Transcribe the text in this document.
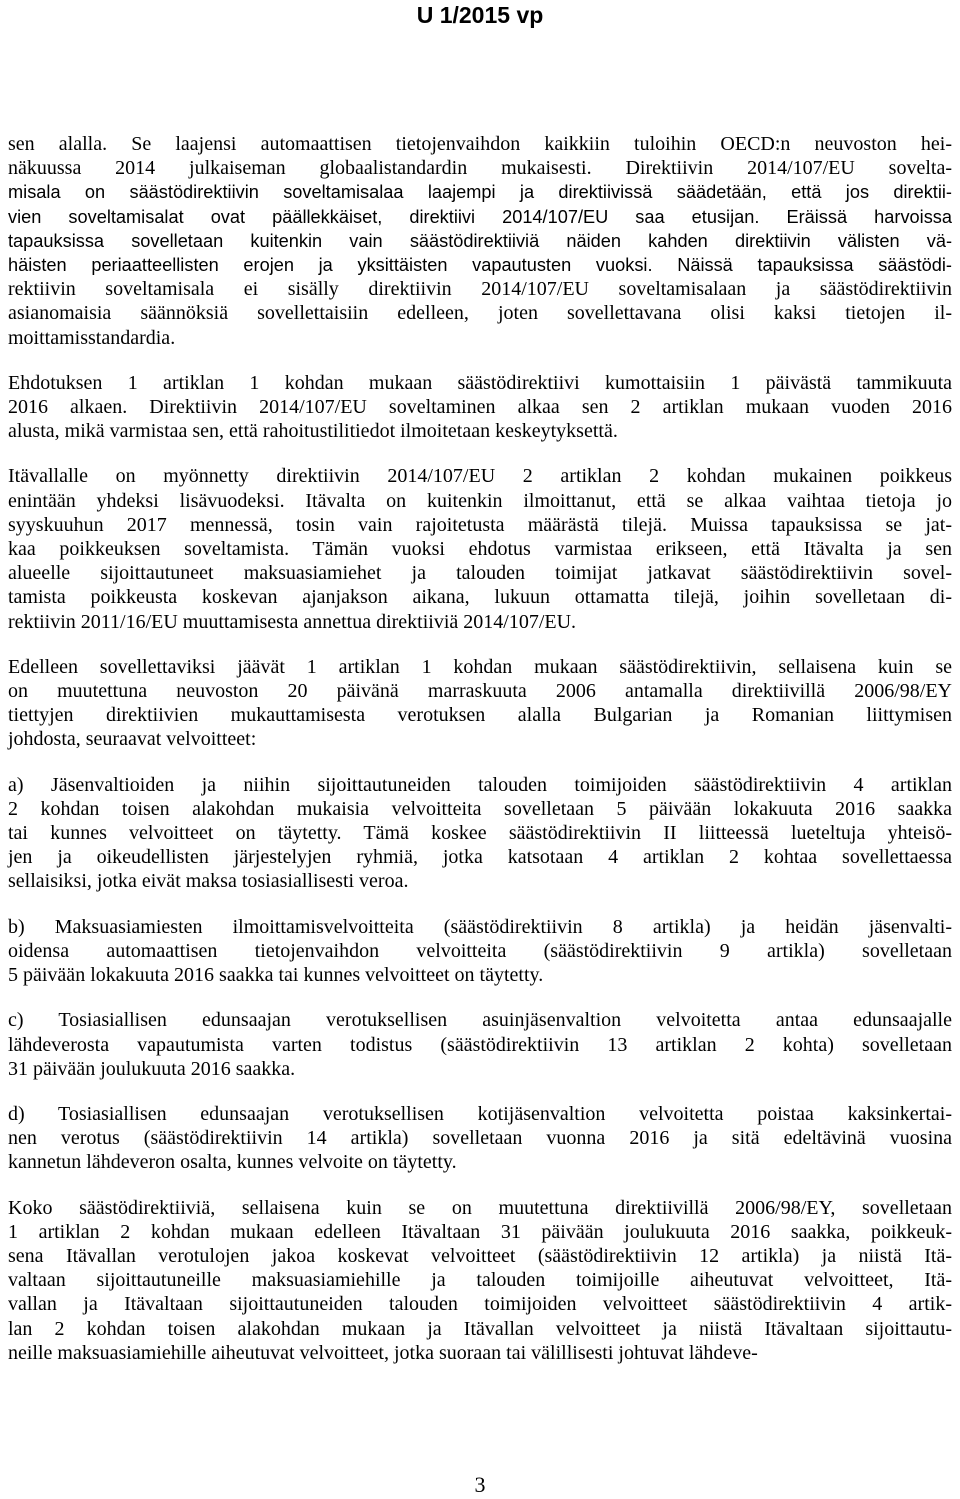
U 1/2015 vp

sen alalla. Se laajensi automaattisen tietojenvaihdon kaikkiin tuloihin OECD:n neuvoston hei-
näkuussa 2014 julkaiseman globaalistandardin mukaisesti. Direktiivin 2014/107/EU sovelta-
misala on säästödirektiivin soveltamisalaa laajempi ja direktiivissä säädetään, että jos direktii-
vien soveltamisalat ovat päällekkäiset, direktiivi 2014/107/EU saa etusijan. Eräissä harvoissa
tapauksissa sovelletaan kuitenkin vain säästödirektiiviä näiden kahden direktiivin välisten vä-
häisten periaatteellisten erojen ja yksittäisten vapautusten vuoksi. Näissä tapauksissa säästödi-
rektiivin soveltamisala ei sisälly direktiivin 2014/107/EU soveltamisalaan ja säästödirektiivin
asianomaisia säännöksiä sovellettaisiin edelleen, joten sovellettavana olisi kaksi tietojen il-
moittamisstandardia.

Ehdotuksen 1 artiklan 1 kohdan mukaan säästödirektiivi kumottaisiin 1 päivästä tammikuuta
2016 alkaen. Direktiivin 2014/107/EU soveltaminen alkaa sen 2 artiklan mukaan vuoden 2016
alusta, mikä varmistaa sen, että rahoitustilitiedot ilmoitetaan keskeytyksettä.

Itävallalle on myönnetty direktiivin 2014/107/EU 2 artiklan 2 kohdan mukainen poikkeus
enintään yhdeksi lisävuodeksi. Itävalta on kuitenkin ilmoittanut, että se alkaa vaihtaa tietoja jo
syyskuuhun 2017 mennessä, tosin vain rajoitetusta määrästä tilejä. Muissa tapauksissa se jat-
kaa poikkeuksen soveltamista. Tämän vuoksi ehdotus varmistaa erikseen, että Itävalta ja sen
alueelle sijoittautuneet maksuasiamiehet ja talouden toimijat jatkavat säästödirektiivin sovel-
tamista poikkeusta koskevan ajanjakson aikana, lukuun ottamatta tilejä, joihin sovelletaan di-
rektiivin 2011/16/EU muuttamisesta annettua direktiiviä 2014/107/EU.

Edelleen sovellettaviksi jäävät 1 artiklan 1 kohdan mukaan säästödirektiivin, sellaisena kuin se
on muutettuna neuvoston 20 päivänä marraskuuta 2006 antamalla direktiivillä 2006/98/EY
tiettyjen direktiivien mukauttamisesta verotuksen alalla Bulgarian ja Romanian liittymisen
johdosta, seuraavat velvoitteet:

a) Jäsenvaltioiden ja niihin sijoittautuneiden talouden toimijoiden säästödirektiivin 4 artiklan
2 kohdan toisen alakohdan mukaisia velvoitteita sovelletaan 5 päivään lokakuuta 2016 saakka
tai kunnes velvoitteet on täytetty. Tämä koskee säästödirektiivin II liitteessä lueteltuja yhteisö-
jen ja oikeudellisten järjestelyjen ryhmiä, jotka katsotaan 4 artiklan 2 kohtaa sovellettaessa
sellaisiksi, jotka eivät maksa tosiasiallisesti veroa.

b) Maksuasiamiesten ilmoittamisvelvoitteita (säästödirektiivin 8 artikla) ja heidän jäsenvalti-
oidensa automaattisen tietojenvaihdon velvoitteita (säästödirektiivin 9 artikla) sovelletaan
5 päivään lokakuuta 2016 saakka tai kunnes velvoitteet on täytetty.

c) Tosiasiallisen edunsaajan verotuksellisen asuinjäsenvaltion velvoitetta antaa edunsaajalle
lähdeverosta vapautumista varten todistus (säästödirektiivin 13 artiklan 2 kohta) sovelletaan
31 päivään joulukuuta 2016 saakka.

d) Tosiasiallisen edunsaajan verotuksellisen kotijäsenvaltion velvoitetta poistaa kaksinkertai-
nen verotus (säästödirektiivin 14 artikla) sovelletaan vuonna 2016 ja sitä edeltävinä vuosina
kannetun lähdeveron osalta, kunnes velvoite on täytetty.

Koko säästödirektiiviä, sellaisena kuin se on muutettuna direktiivillä 2006/98/EY, sovelletaan
1 artiklan 2 kohdan mukaan edelleen Itävaltaan 31 päivään joulukuuta 2016 saakka, poikkeuk-
sena Itävallan verotulojen jakoa koskevat velvoitteet (säästödirektiivin 12 artikla) ja niistä Itä-
valtaan sijoittautuneille maksuasiamiehille ja talouden toimijoille aiheutuvat velvoitteet, Itä-
vallan ja Itävaltaan sijoittautuneiden talouden toimijoiden velvoitteet säästödirektiivin 4 artik-
lan 2 kohdan toisen alakohdan mukaan ja Itävallan velvoitteet ja niistä Itävaltaan sijoittautu-
neille maksuasiamiehille aiheutuvat velvoitteet, jotka suoraan tai välillisesti johtuvat lähdeve-

3
